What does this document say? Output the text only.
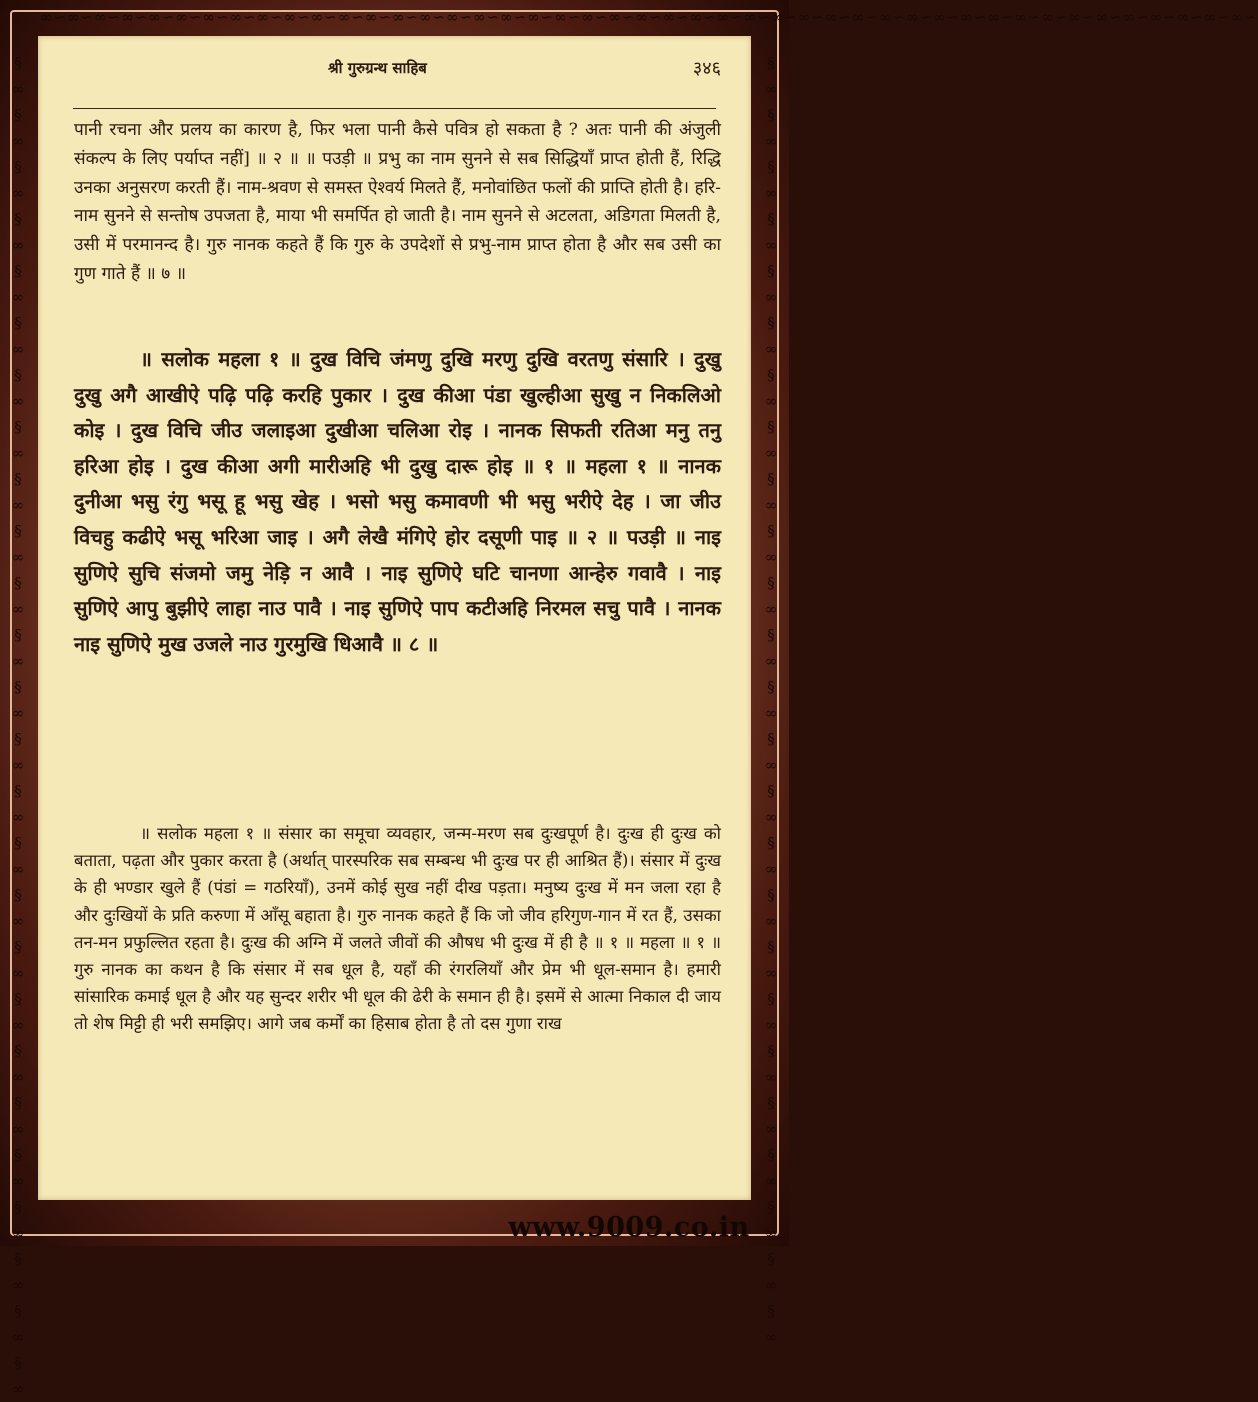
∞∽∞∽∞∽∞∽∞∽∞∽∞∽∞∽∞∽∞∽∞∽∞∽∞∽∞∽∞∽∞∽∞∽∞∽∞∽∞∽∞∽∞∽∞∽∞∽∞∽∞∽∞∽∞∽∞∽∞∽∞∽∞∽∞∽∞∽∞∽∞∽∞∽∞∽∞∽∞∽∞∽∞∽∞∽∞∽∞∽
§
∞
§
∞
§
∞
§
∞
§
∞
§
∞
§
∞
§
∞
§
∞
§
∞
§
∞
§
∞
§
∞
§
∞
§
∞
§
∞
§
∞
§
∞
§
∞
§
∞
§
∞
§
∞
§
∞
§
∞
§
∞
§
∞
§
∞
§
∞
§
∞
§
∞
§
∞
§
∞
§
∞
§
∞
§
∞
§
∞
§
∞
§
∞
§
∞
§
∞
§
∞
§
∞
§
∞
§
∞
§
∞
§
∞
§
∞
§
∞
§
∞
§
∞
§
∞
श्री गुरुग्रन्थ साहिब	३४६
पानी रचना और प्रलय का कारण है, फिर भला पानी कैसे पवित्र हो सकता है ? अतः पानी की अंजुली संकल्प के लिए पर्याप्त नहीं] ॥ २ ॥ ॥ पउड़ी ॥ प्रभु का नाम सुनने से सब सिद्धियाँ प्राप्त होती हैं, रिद्धि उनका अनुसरण करती हैं। नाम-श्रवण से समस्त ऐश्वर्य मिलते हैं, मनोवांछित फलों की प्राप्ति होती है। हरि-नाम सुनने से सन्तोष उपजता है, माया भी समर्पित हो जाती है। नाम सुनने से अटलता, अडिगता मिलती है, उसी में परमानन्द है। गुरु नानक कहते हैं कि गुरु के उपदेशों से प्रभु-नाम प्राप्त होता है और सब उसी का गुण गाते हैं ॥ ७ ॥
॥ सलोक महला १ ॥ दुख विचि जंमणु दुखि मरणु दुखि वरतणु संसारि । दुखु दुखु अगै आखीऐ पढ़ि पढ़ि करहि पुकार । दुख कीआ पंडा खुल्हीआ सुखु न निकलिओ कोइ । दुख विचि जीउ जलाइआ दुखीआ चलिआ रोइ । नानक सिफती रतिआ मनु तनु हरिआ होइ । दुख कीआ अगी मारीअहि भी दुखु दारू होइ ॥ १ ॥ महला १ ॥ नानक दुनीआ भसु रंगु भसू हू भसु खेह । भसो भसु कमावणी भी भसु भरीऐ देह । जा जीउ विचहु कढीऐ भसू भरिआ जाइ । अगै लेखै मंगिऐ होर दसूणी पाइ ॥ २ ॥ पउड़ी ॥ नाइ सुणिऐ सुचि संजमो जमु नेड़ि न आवै । नाइ सुणिऐ घटि चानणा आन्हेरु गवावै । नाइ सुणिऐ आपु बुझीऐ लाहा नाउ पावै । नाइ सुणिऐ पाप कटीअहि निरमल सचु पावै । नानक नाइ सुणिऐ मुख उजले नाउ गुरमुखि धिआवै ॥ ८ ॥
॥ सलोक महला १ ॥ संसार का समूचा व्यवहार, जन्म-मरण सब दुःखपूर्ण है। दुःख ही दुःख को बताता, पढ़ता और पुकार करता है (अर्थात् पारस्परिक सब सम्बन्ध भी दुःख पर ही आश्रित हैं)। संसार में दुःख के ही भण्डार खुले हैं (पंडां = गठरियाँ), उनमें कोई सुख नहीं दीख पड़ता। मनुष्य दुःख में मन जला रहा है और दुःखियों के प्रति करुणा में आँसू बहाता है। गुरु नानक कहते हैं कि जो जीव हरिगुण-गान में रत हैं, उसका तन-मन प्रफुल्लित रहता है। दुःख की अग्नि में जलते जीवों की औषध भी दुःख में ही है ॥ १ ॥ महला ॥ १ ॥ गुरु नानक का कथन है कि संसार में सब धूल है, यहाँ की रंगरलियाँ और प्रेम भी धूल-समान है। हमारी सांसारिक कमाई धूल है और यह सुन्दर शरीर भी धूल की ढेरी के समान ही है। इसमें से आत्मा निकाल दी जाय तो शेष मिट्टी ही भरी समझिए। आगे जब कर्मों का हिसाब होता है तो दस गुणा राख
www.9009.co.in
